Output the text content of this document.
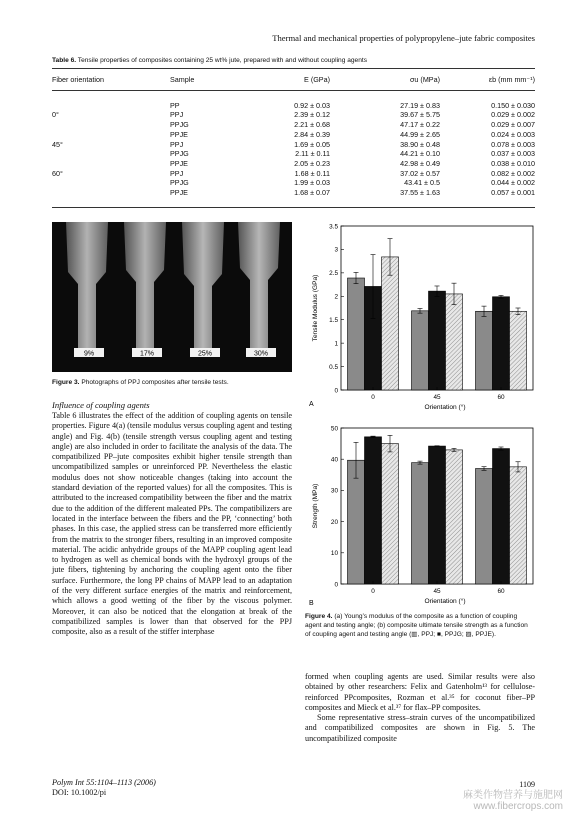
Thermal and mechanical properties of polypropylene–jute fabric composites
Table 6. Tensile properties of composites containing 25 wt% jute, prepared with and without coupling agents
Fiber orientation	Sample	E (GPa)	σu (MPa)	εb (mm mm⁻¹)

	PP	0.92 ± 0.03	27.19 ± 0.83	0.150 ± 0.030
0°	PPJ	2.39 ± 0.12	39.67 ± 5.75	0.029 ± 0.002
	PPJG	2.21 ± 0.68	47.17 ± 0.22	0.029 ± 0.007
	PPJE	2.84 ± 0.39	44.99 ± 2.65	0.024 ± 0.003
45°	PPJ	1.69 ± 0.05	38.90 ± 0.48	0.078 ± 0.003
	PPJG	2.11 ± 0.11	44.21 ± 0.10	0.037 ± 0.003
	PPJE	2.05 ± 0.23	42.98 ± 0.49	0.038 ± 0.010
60°	PPJ	1.68 ± 0.11	37.02 ± 0.57	0.082 ± 0.002
	PPJG	1.99 ± 0.03	43.41 ± 0.5	0.044 ± 0.002
	PPJE	1.68 ± 0.07	37.55 ± 1.63	0.057 ± 0.001

9%	17%	25%	30%
Figure 3. Photographs of PPJ composites after tensile tests.
Influence of coupling agents

Table 6 illustrates the effect of the addition of coupling agents on tensile properties. Figure 4(a) (tensile modulus versus coupling agent and testing angle) and Fig. 4(b) (tensile strength versus coupling agent and testing angle) are also included in order to facilitate the analysis of the data. The compatibilized PP–jute composites exhibit higher tensile strength than uncompatibilized samples or unreinforced PP. Nevertheless the elastic modulus does not show noticeable changes (taking into account the standard deviation of the reported values) for all the composites. This is attributed to the increased compatibility between the fiber and the matrix due to the addition of the different maleated PPs. The compatibilizers are located in the interface between the fibers and the PP, ‘connecting’ both phases. In this case, the applied stress can be transferred more efficiently from the matrix to the stronger fibers, resulting in an improved composite material. The acidic anhydride groups of the MAPP coupling agent lead to hydrogen as well as chemical bonds with the hydroxyl groups of the jute fibers, tightening by anchoring the coupling agent onto the fiber surface. Furthermore, the long PP chains of MAPP lead to an adaptation of the very different surface energies of the matrix and reinforcement, which allows a good wetting of the fiber by the viscous polymer. Moreover, it can also be noticed that the elongation at break of the compatibilized samples is lower than that observed for the PPJ composite, also as a result of the stiffer interphase

0
0.5
1
1.5
2
2.5
3
3.5
0	45	60
Orientation (°)
Tensile Modulus (GPa)
0
10
20
30
40
50
0	45	60
Orientation (°)
Strength (MPa)
A
B
Figure 4. (a) Young’s modulus of the composite as a function of coupling agent and testing angle; (b) composite ultimate tensile strength as a function of coupling agent and testing angle (▥, PPJ; ■, PPJG; ▨, PPJE).

formed when coupling agents are used. Similar results were also obtained by other researchers: Felix and Gatenholm¹³ for cellulose-reinforced PPcomposites, Rozman et al.³⁵ for coconut fiber–PP composites and Mieck et al.³⁷ for flax–PP composites.

Some representative stress–strain curves of the uncompatibilized and compatibilized composites are shown in Fig. 5. The uncompatibilized composite

Polym Int 55:1104–1113 (2006)
DOI: 10.1002/pi
1109
麻类作物营养与施肥网
www.fibercrops.com
